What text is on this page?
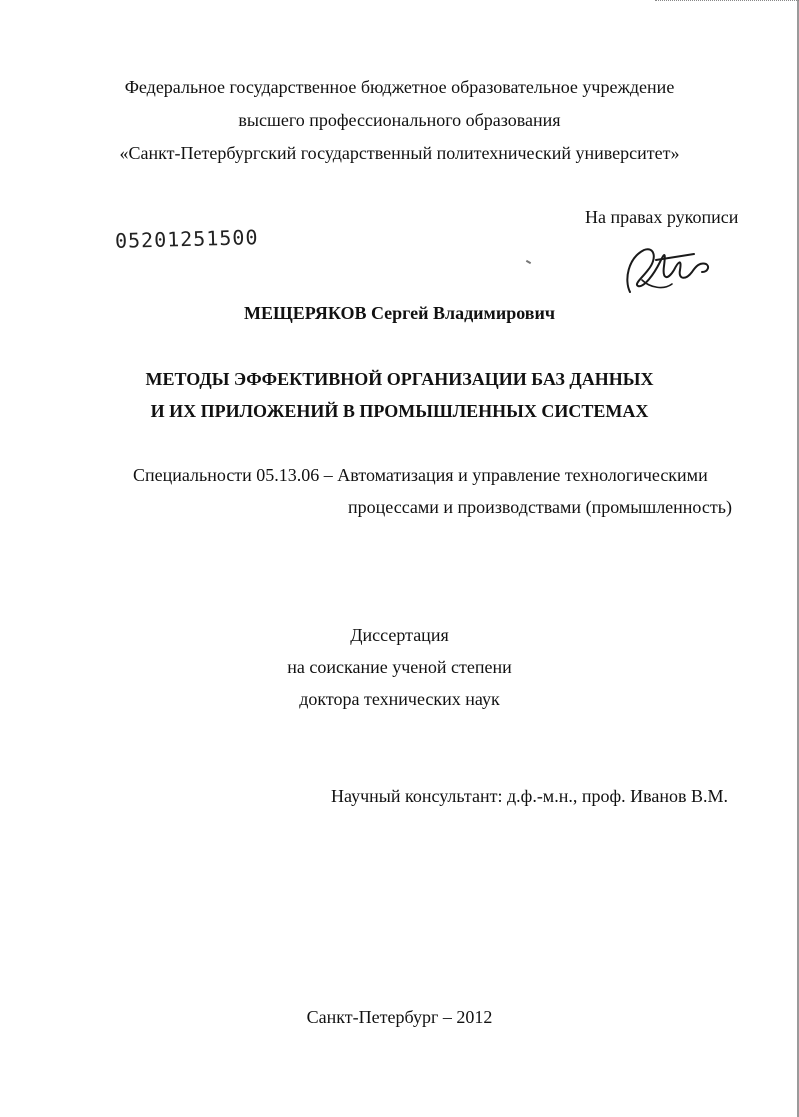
Федеральное государственное бюджетное образовательное учреждение
высшего профессионального образования
«Санкт-Петербургский государственный политехнический университет»
На правах рукописи
05201251500
МЕЩЕРЯКОВ Сергей Владимирович
МЕТОДЫ ЭФФЕКТИВНОЙ ОРГАНИЗАЦИИ БАЗ ДАННЫХ
И ИХ ПРИЛОЖЕНИЙ В ПРОМЫШЛЕННЫХ СИСТЕМАХ
Специальности 05.13.06 – Автоматизация и управление технологическими
процессами и производствами (промышленность)
Диссертация
на соискание ученой степени
доктора технических наук
Научный консультант: д.ф.-м.н., проф. Иванов В.М.
Санкт-Петербург – 2012
